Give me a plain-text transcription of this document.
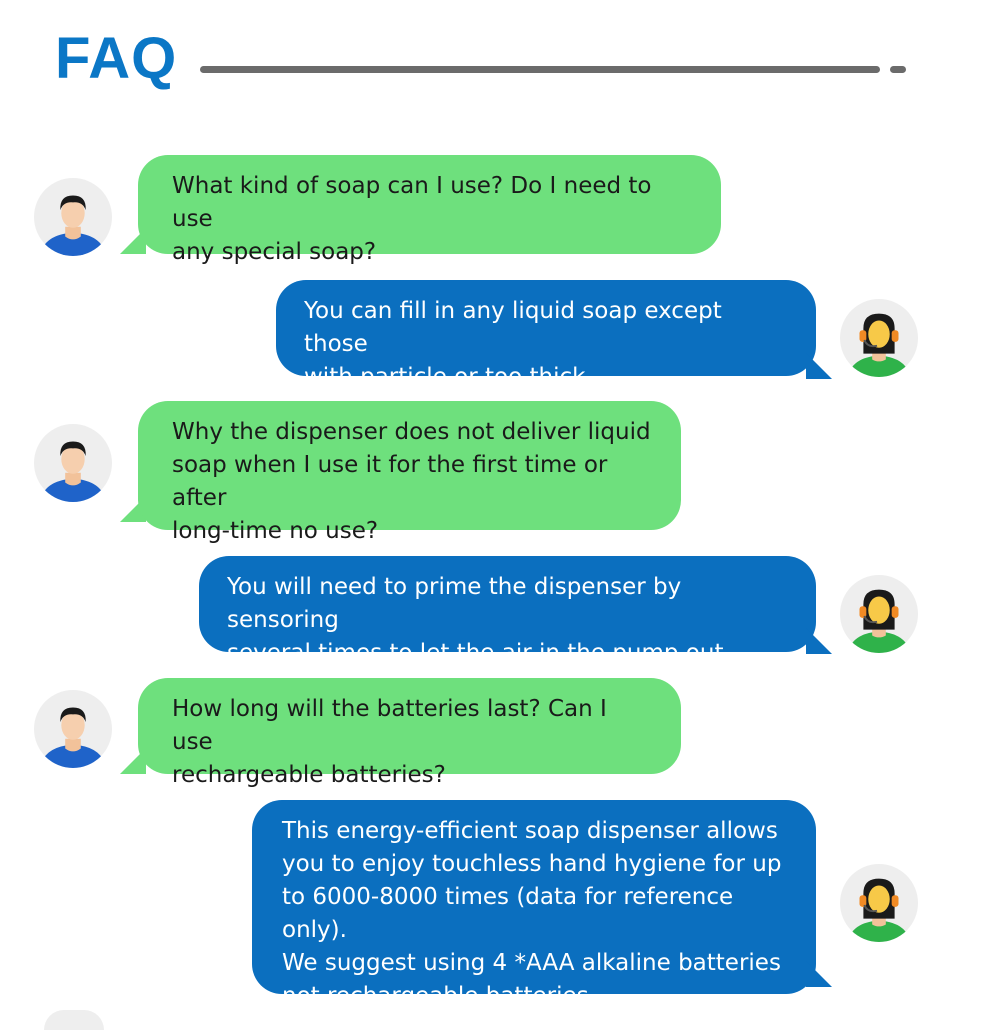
FAQ
What kind of soap can I use? Do I need to use
any special soap?
You can fill in any liquid soap except those
with particle or too thick.
Why the dispenser does not deliver liquid
soap when I use it for the first time or after
long-time no use?
You will need to prime the dispenser by sensoring
several times to let the air in the pump out.
How long will the batteries last? Can I use
rechargeable batteries?
This energy-efficient soap dispenser allows
you to enjoy touchless hand hygiene for up
to 6000-8000 times (data for reference only).
We suggest using 4 *AAA alkaline batteries
not rechargeable batteries.
